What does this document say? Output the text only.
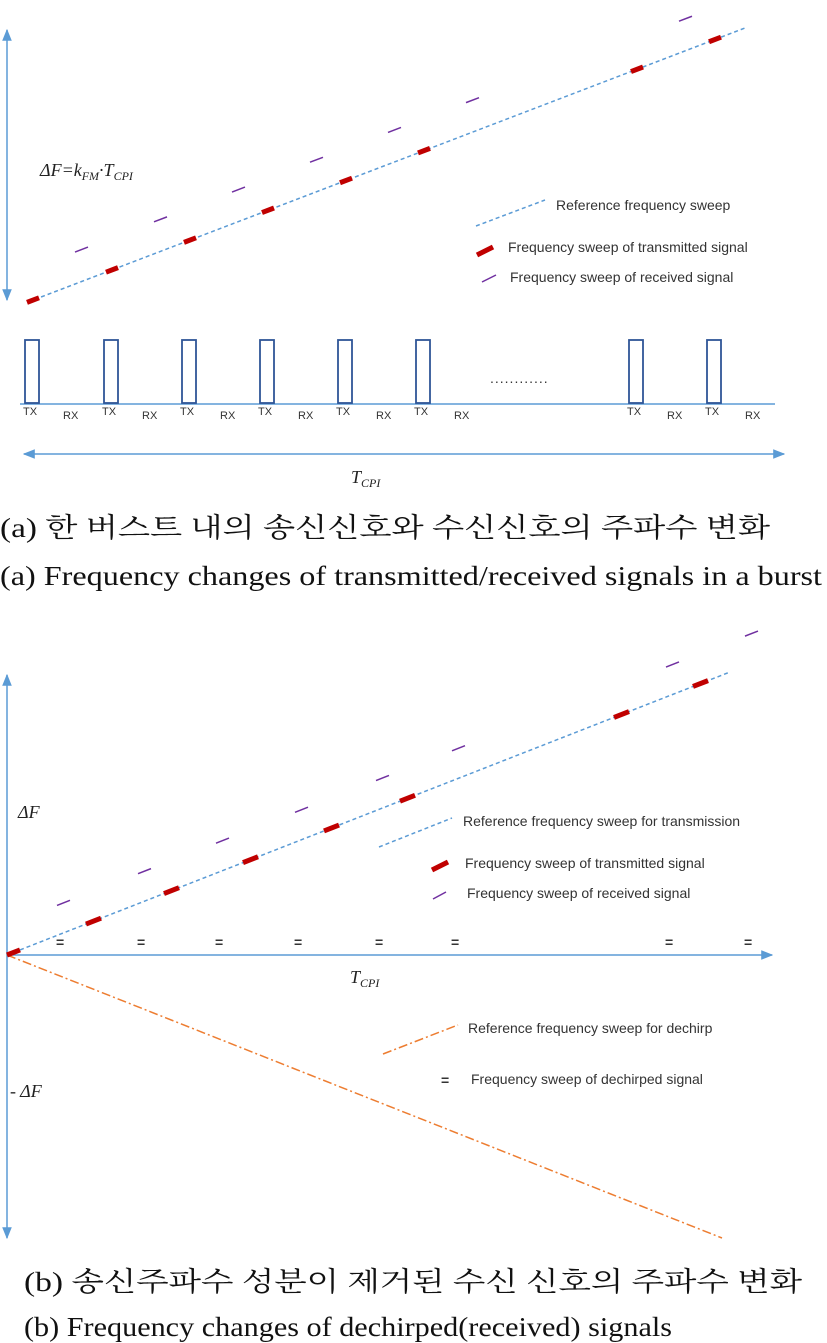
$\Delta F=k_{FM}\cdot T_{CPI}$
Reference frequency sweep
Frequency sweep of transmitted signal
Frequency sweep of received signal
TX RX TX RX TX RX TX RX TX RX TX RX	TX RX TX RX
............
$T_{CPI}$
(a) 한 버스트 내의 송신신호와 수신신호의 주파수 변화
(a) Frequency changes of transmitted/received signals in a burst
=	=	=	=	=	=	=	=
ΔF
- ΔF
$T_{CPI}$
Reference frequency sweep for transmission
Frequency sweep of transmitted signal
Frequency sweep of received signal
Reference frequency sweep for dechirp
= Frequency sweep of dechirped signal
(b) 송신주파수 성분이 제거된 수신 신호의 주파수 변화
(b) Frequency changes of dechirped(received) signals
